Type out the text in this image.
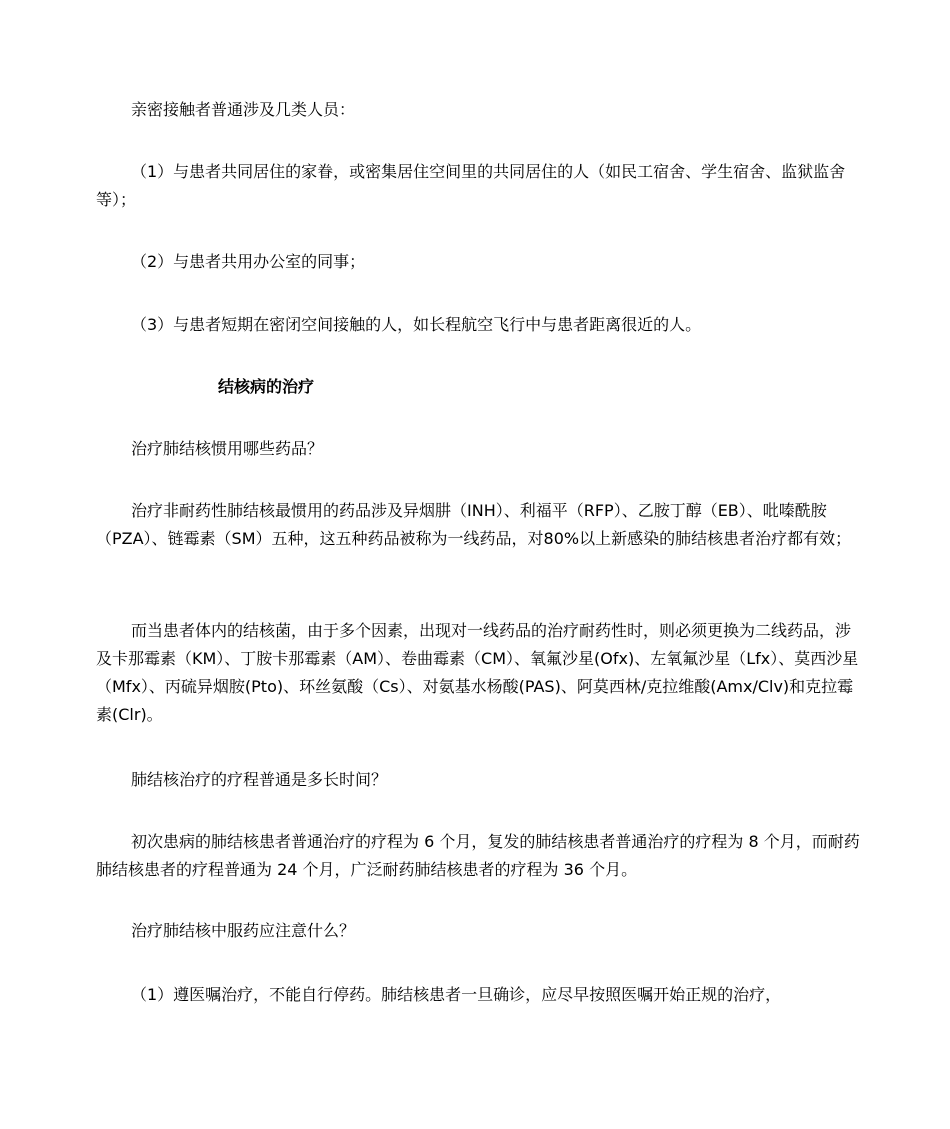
亲密接触者普通涉及几类人员：

（1）与患者共同居住的家眷，或密集居住空间里的共同居住的人（如民工宿舍、学生宿舍、监狱监舍等）；

（2）与患者共用办公室的同事；

（3）与患者短期在密闭空间接触的人，如长程航空飞行中与患者距离很近的人。

结核病的治疗

治疗肺结核惯用哪些药品？

治疗非耐药性肺结核最惯用的药品涉及异烟肼（INH）、利福平（RFP）、乙胺丁醇（EB）、吡嗪酰胺（PZA）、链霉素（SM）五种，这五种药品被称为一线药品，对80%以上新感染的肺结核患者治疗都有效；

而当患者体内的结核菌，由于多个因素，出现对一线药品的治疗耐药性时，则必须更换为二线药品，涉及卡那霉素（KM）、丁胺卡那霉素（AM）、卷曲霉素（CM）、氧氟沙星(Ofx)、左氧氟沙星（Lfx）、莫西沙星（Mfx）、丙硫异烟胺(Pto)、环丝氨酸（Cs）、对氨基水杨酸(PAS)、阿莫西林/克拉维酸(Amx/Clv)和克拉霉素(Clr)。

肺结核治疗的疗程普通是多长时间？

初次患病的肺结核患者普通治疗的疗程为 6 个月，复发的肺结核患者普通治疗的疗程为 8 个月，而耐药肺结核患者的疗程普通为 24 个月，广泛耐药肺结核患者的疗程为 36 个月。

治疗肺结核中服药应注意什么？

（1）遵医嘱治疗，不能自行停药。肺结核患者一旦确诊，应尽早按照医嘱开始正规的治疗，
